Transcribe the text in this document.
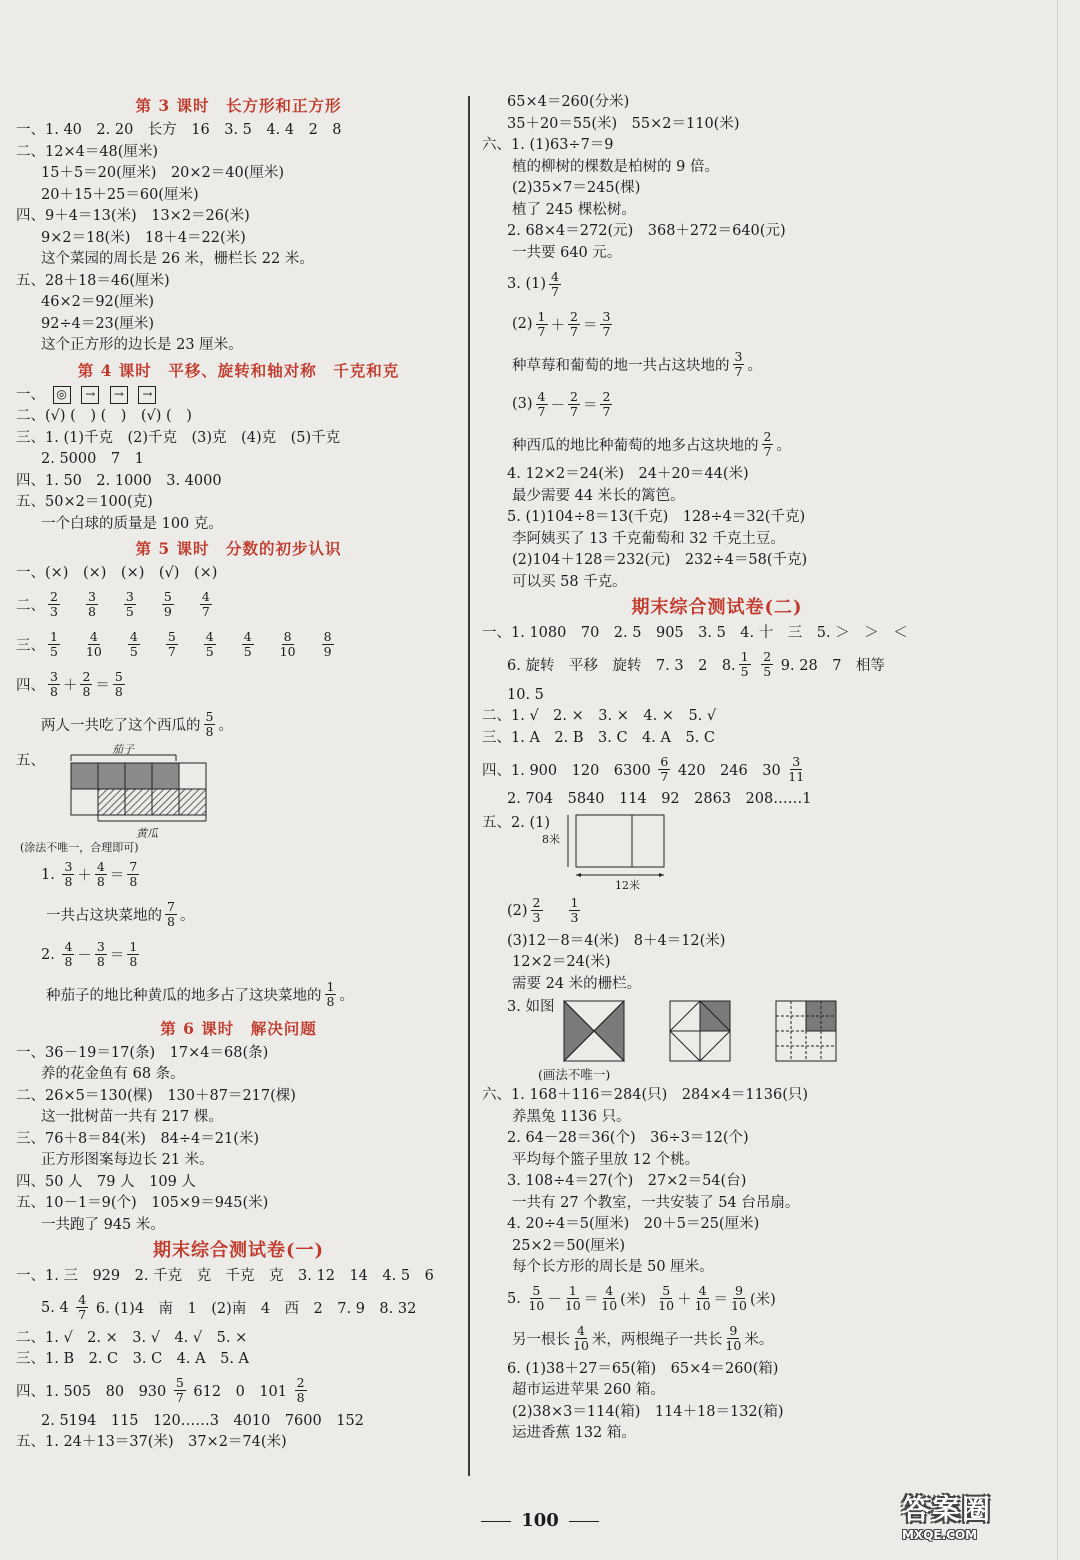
第 3 课时　长方形和正方形
一、1. 40　2. 20　长方　16　3. 5　4. 4　2　8
二、12×4＝48(厘米)
15＋5＝20(厘米)　20×2＝40(厘米)
20＋15＋25＝60(厘米)
四、9＋4＝13(米)　13×2＝26(米)
9×2＝18(米)　18＋4＝22(米)
这个菜园的周长是 26 米，栅栏长 22 米。
五、28＋18＝46(厘米)
46×2＝92(厘米)
92÷4＝23(厘米)
这个正方形的边长是 23 厘米。
第 4 课时　平移、旋转和轴对称　千克和克
一、 ◎ → → →
二、(√) (　) (　)　(√) (　)
三、1. (1)千克　(2)千克　(3)克　(4)克　(5)千克
2. 5000　7　1
四、1. 50　2. 1000　3. 4000
五、50×2＝100(克)
一个白球的质量是 100 克。
第 5 课时　分数的初步认识
一、(×)　(×)　(×)　(√)　(×)
二、
2
3
3
8
3
5
5
9
4
7
三、
1
5
4
10
4
5
5
7
4
5
4
5
8
10
8
9
四、
3
8 ＋
2
8 ＝
5
8
两人一共吃了这个西瓜的
5
8 。
五、
茄子
黄瓜
(涂法不唯一，合理即可)
1.
3
8 ＋
4
8 ＝
7
8
一共占这块菜地的
7
8 。
2.
4
8 －
3
8 ＝
1
8
种茄子的地比种黄瓜的地多占了这块菜地的
1
8 。
第 6 课时　解决问题
一、36－19＝17(条)　17×4＝68(条)
养的花金鱼有 68 条。
二、26×5＝130(棵)　130＋87＝217(棵)
这一批树苗一共有 217 棵。
三、76＋8＝84(米)　84÷4＝21(米)
正方形图案每边长 21 米。
四、50 人　79 人　109 人
五、10－1＝9(个)　105×9＝945(米)
一共跑了 945 米。
期末综合测试卷(一)
一、1. 三　929　2. 千克　克　千克　克　3. 12　14　4. 5　6
5. 4
4
7
6. (1)4　南　1　(2)南　4　西　2　7. 9　8. 32
二、1. √　2. ×　3. √　4. √　5. ×
三、1. B　2. C　3. C　4. A　5. A
四、1. 505　80　930

5
7
612　0　101

2
8
2. 5194　115　120……3　4010　7600　152
五、1. 24＋13＝37(米)　37×2＝74(米)
65×4＝260(分米)
35＋20＝55(米)　55×2＝110(米)
六、1. (1)63÷7＝9
植的柳树的棵数是柏树的 9 倍。
(2)35×7＝245(棵)
植了 245 棵松树。
2. 68×4＝272(元)　368＋272＝640(元)
一共要 640 元。
3. (1) 4
7
(2) 1
7 ＋
2
7 ＝
3
7
种草莓和葡萄的地一共占这块地的
3
7 。
(3) 4
7 －
2
7 ＝
2
7
种西瓜的地比种葡萄的地多占这块地的
2
7 。
4. 12×2＝24(米)　24＋20＝44(米)
最少需要 44 米长的篱笆。
5. (1)104÷8＝13(千克)　128÷4＝32(千克)
李阿姨买了 13 千克葡萄和 32 千克土豆。
(2)104＋128＝232(元)　232÷4＝58(千克)
可以买 58 千克。
期末综合测试卷(二)
一、1. 1080　70　2. 5　905　3. 5　4. 十　三　5. ＞　＞　＜
6. 旋转　平移　旋转　7. 3　2　8.
1
5

2
5
9. 28　7　相等
10. 5
二、1. √　2. ×　3. ×　4. ×　5. √
三、1. A　2. B　3. C　4. A　5. C
四、1. 900　120　6300

6
7
420　246　30

3
11
2. 704　5840　114　92　2863　208……1
五、2. (1)
8米
12米
(2) 2
3
1
3
(3)12－8＝4(米)　8＋4＝12(米)
12×2＝24(米)
需要 24 米的栅栏。
3. 如图
(画法不唯一)
六、1. 168＋116＝284(只)　284×4＝1136(只)
养黑兔 1136 只。
2. 64－28＝36(个)　36÷3＝12(个)
平均每个篮子里放 12 个桃。
3. 108÷4＝27(个)　27×2＝54(台)
一共有 27 个教室，一共安装了 54 台吊扇。
4. 20÷4＝5(厘米)　20＋5＝25(厘米)
25×2＝50(厘米)
每个长方形的周长是 50 厘米。
5.
5
10 －
1
10 ＝
4
10 (米)
5
10 ＋
4
10 ＝
9
10 (米)
另一根长
4
10 米，两根绳子一共长
9
10 米。
6. (1)38＋27＝65(箱)　65×4＝260(箱)
超市运进苹果 260 箱。
(2)38×3＝114(箱)　114＋18＝132(箱)
运进香蕉 132 箱。
100	答案圈
MXQE.COM
